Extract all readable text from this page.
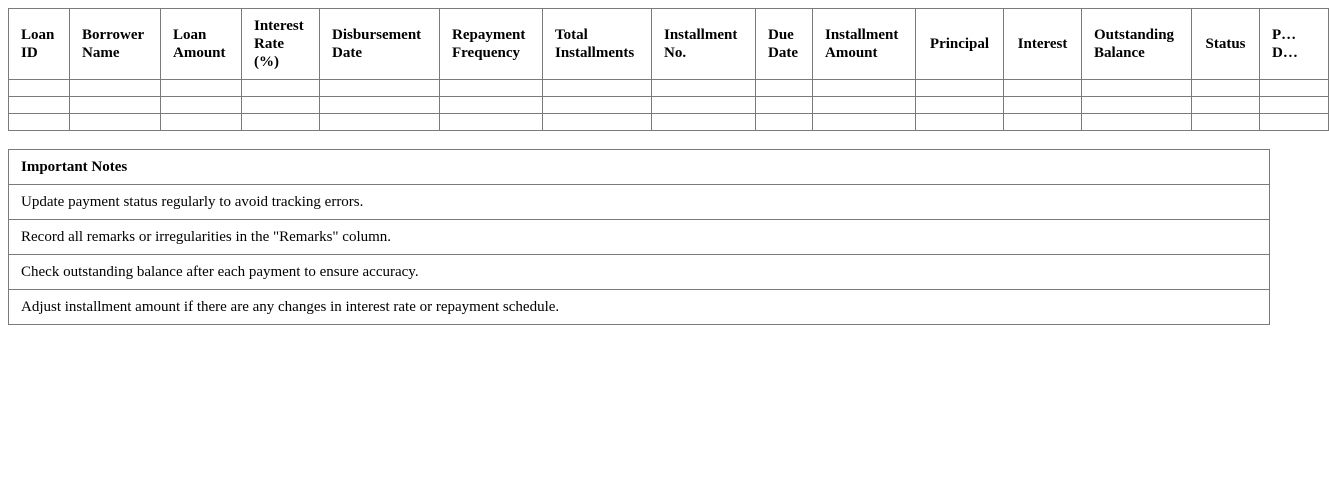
Loan ID	Borrower Name	Loan Amount	Interest Rate (%)	Disbursement Date	Repayment Frequency	Total Installments	Installment No.	Due Date	Installment Amount	Principal	Interest	Outstanding Balance	Status	P… D…

Important Notes
Update payment status regularly to avoid tracking errors.
Record all remarks or irregularities in the "Remarks" column.
Check outstanding balance after each payment to ensure accuracy.
Adjust installment amount if there are any changes in interest rate or repayment schedule.
